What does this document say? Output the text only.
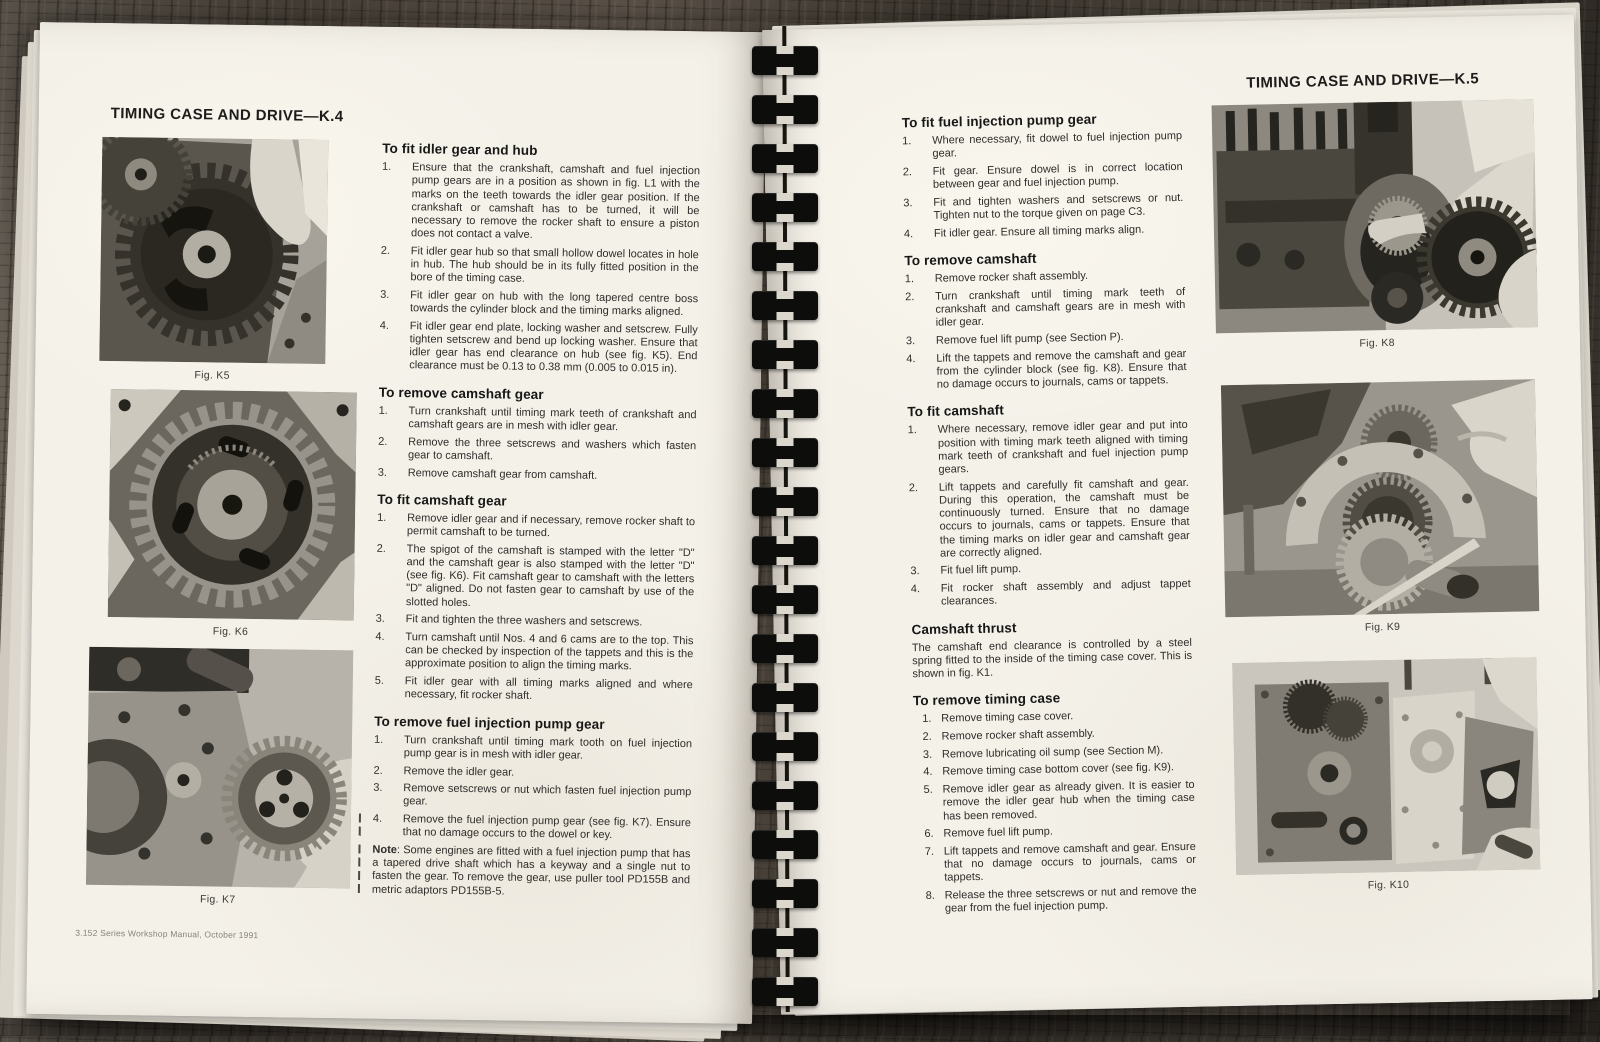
TIMING CASE AND DRIVE—K.4
Fig. K5
Fig. K6
Fig. K7
To fit idler gear and hub
1.	Ensure that the crankshaft, camshaft and fuel injection pump gears are in a position as shown in fig. L1 with the marks on the teeth towards the idler gear position. If the crankshaft or camshaft has to be turned, it will be necessary to remove the rocker shaft to ensure a piston does not contact a valve.
2.	Fit idler gear hub so that small hollow dowel locates in hole in hub. The hub should be in its fully fitted position in the bore of the timing case.
3.	Fit idler gear on hub with the long tapered centre boss towards the cylinder block and the timing marks aligned.
4.	Fit idler gear end plate, locking washer and setscrew. Fully tighten setscrew and bend up locking washer. Ensure that idler gear has end clearance on hub (see fig. K5). End clearance must be 0.13 to 0.38 mm (0.005 to 0.015 in).
To remove camshaft gear
1.	Turn crankshaft until timing mark teeth of crankshaft and camshaft gears are in mesh with idler gear.
2.	Remove the three setscrews and washers which fasten gear to camshaft.
3.	Remove camshaft gear from camshaft.
To fit camshaft gear
1.	Remove idler gear and if necessary, remove rocker shaft to permit camshaft to be turned.
2.	The spigot of the camshaft is stamped with the letter "D" and the camshaft gear is also stamped with the letter "D" (see fig. K6). Fit camshaft gear to camshaft with the letters "D" aligned. Do not fasten gear to camshaft by use of the slotted holes.
3.	Fit and tighten the three washers and setscrews.
4.	Turn camshaft until Nos. 4 and 6 cams are to the top. This can be checked by inspection of the tappets and this is the approximate position to align the timing marks.
5.	Fit idler gear with all timing marks aligned and where necessary, fit rocker shaft.
To remove fuel injection pump gear
1.	Turn crankshaft until timing mark tooth on fuel injection pump gear is in mesh with idler gear.
2.	Remove the idler gear.
3.	Remove setscrews or nut which fasten fuel injection pump gear.
4.	Remove the fuel injection pump gear (see fig. K7). Ensure that no damage occurs to the dowel or key.
Note: Some engines are fitted with a fuel injection pump that has a tapered drive shaft which has a keyway and a single nut to fasten the gear. To remove the gear, use puller tool PD155B and metric adaptors PD155B-5.
3.152 Series Workshop Manual, October 1991
TIMING CASE AND DRIVE—K.5
To fit fuel injection pump gear
1.	Where necessary, fit dowel to fuel injection pump gear.
2.	Fit gear. Ensure dowel is in correct location between gear and fuel injection pump.
3.	Fit and tighten washers and setscrews or nut. Tighten nut to the torque given on page C3.
4.	Fit idler gear. Ensure all timing marks align.
To remove camshaft
1.	Remove rocker shaft assembly.
2.	Turn crankshaft until timing mark teeth of crankshaft and camshaft gears are in mesh with idler gear.
3.	Remove fuel lift pump (see Section P).
4.	Lift the tappets and remove the camshaft and gear from the cylinder block (see fig. K8). Ensure that no damage occurs to journals, cams or tappets.
To fit camshaft
1.	Where necessary, remove idler gear and put into position with timing mark teeth aligned with timing mark teeth of crankshaft and fuel injection pump gears.
2.	Lift tappets and carefully fit camshaft and gear. During this operation, the camshaft must be continuously turned. Ensure that no damage occurs to journals, cams or tappets. Ensure that the timing marks on idler gear and camshaft gear are correctly aligned.
3.	Fit fuel lift pump.
4.	Fit rocker shaft assembly and adjust tappet clearances.
Camshaft thrust
The camshaft end clearance is controlled by a steel spring fitted to the inside of the timing case cover. This is shown in fig. K1.
To remove timing case
1. Remove timing case cover.
2. Remove rocker shaft assembly.
3. Remove lubricating oil sump (see Section M).
4. Remove timing case bottom cover (see fig. K9).
5. Remove idler gear as already given. It is easier to remove the idler gear hub when the timing case has been removed.
6. Remove fuel lift pump.
7. Lift tappets and remove camshaft and gear. Ensure that no damage occurs to journals, cams or tappets.
8. Release the three setscrews or nut and remove the gear from the fuel injection pump.
Fig. K8
Fig. K9
Fig. K10
